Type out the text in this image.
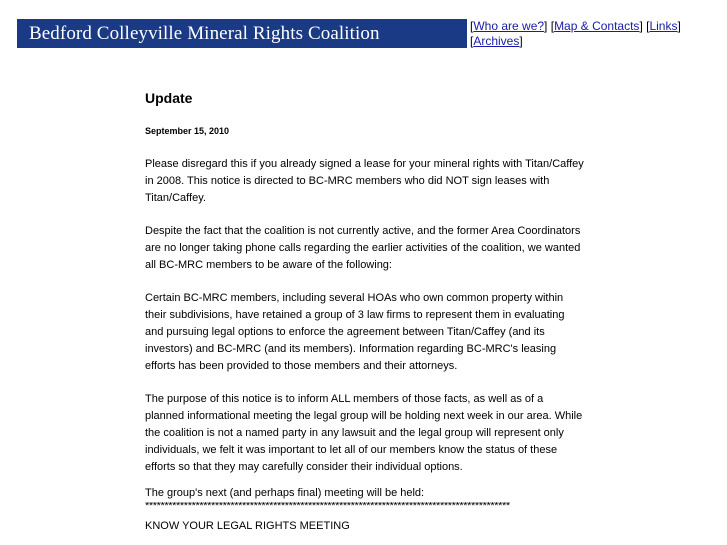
Bedford Colleyville Mineral Rights Coalition	[Who are we?] [Map & Contacts] [Links] [Archives]
Update

September 15, 2010

Please disregard this if you already signed a lease for your mineral rights with Titan/Caffey in 2008. This notice is directed to BC-MRC members who did NOT sign leases with Titan/Caffey.

Despite the fact that the coalition is not currently active, and the former Area Coordinators are no longer taking phone calls regarding the earlier activities of the coalition, we wanted all BC-MRC members to be aware of the following:

Certain BC-MRC members, including several HOAs who own common property within their subdivisions, have retained a group of 3 law firms to represent them in evaluating and pursuing legal options to enforce the agreement between Titan/Caffey (and its investors) and BC-MRC (and its members). Information regarding BC-MRC's leasing efforts has been provided to those members and their attorneys.

The purpose of this notice is to inform ALL members of those facts, as well as of a planned informational meeting the legal group will be holding next week in our area. While the coalition is not a named party in any lawsuit and the legal group will represent only individuals, we felt it was important to let all of our members know the status of these efforts so that they may carefully consider their individual options.

The group's next (and perhaps final) meeting will be held:

**********************************************************************************************

KNOW YOUR LEGAL RIGHTS MEETING
